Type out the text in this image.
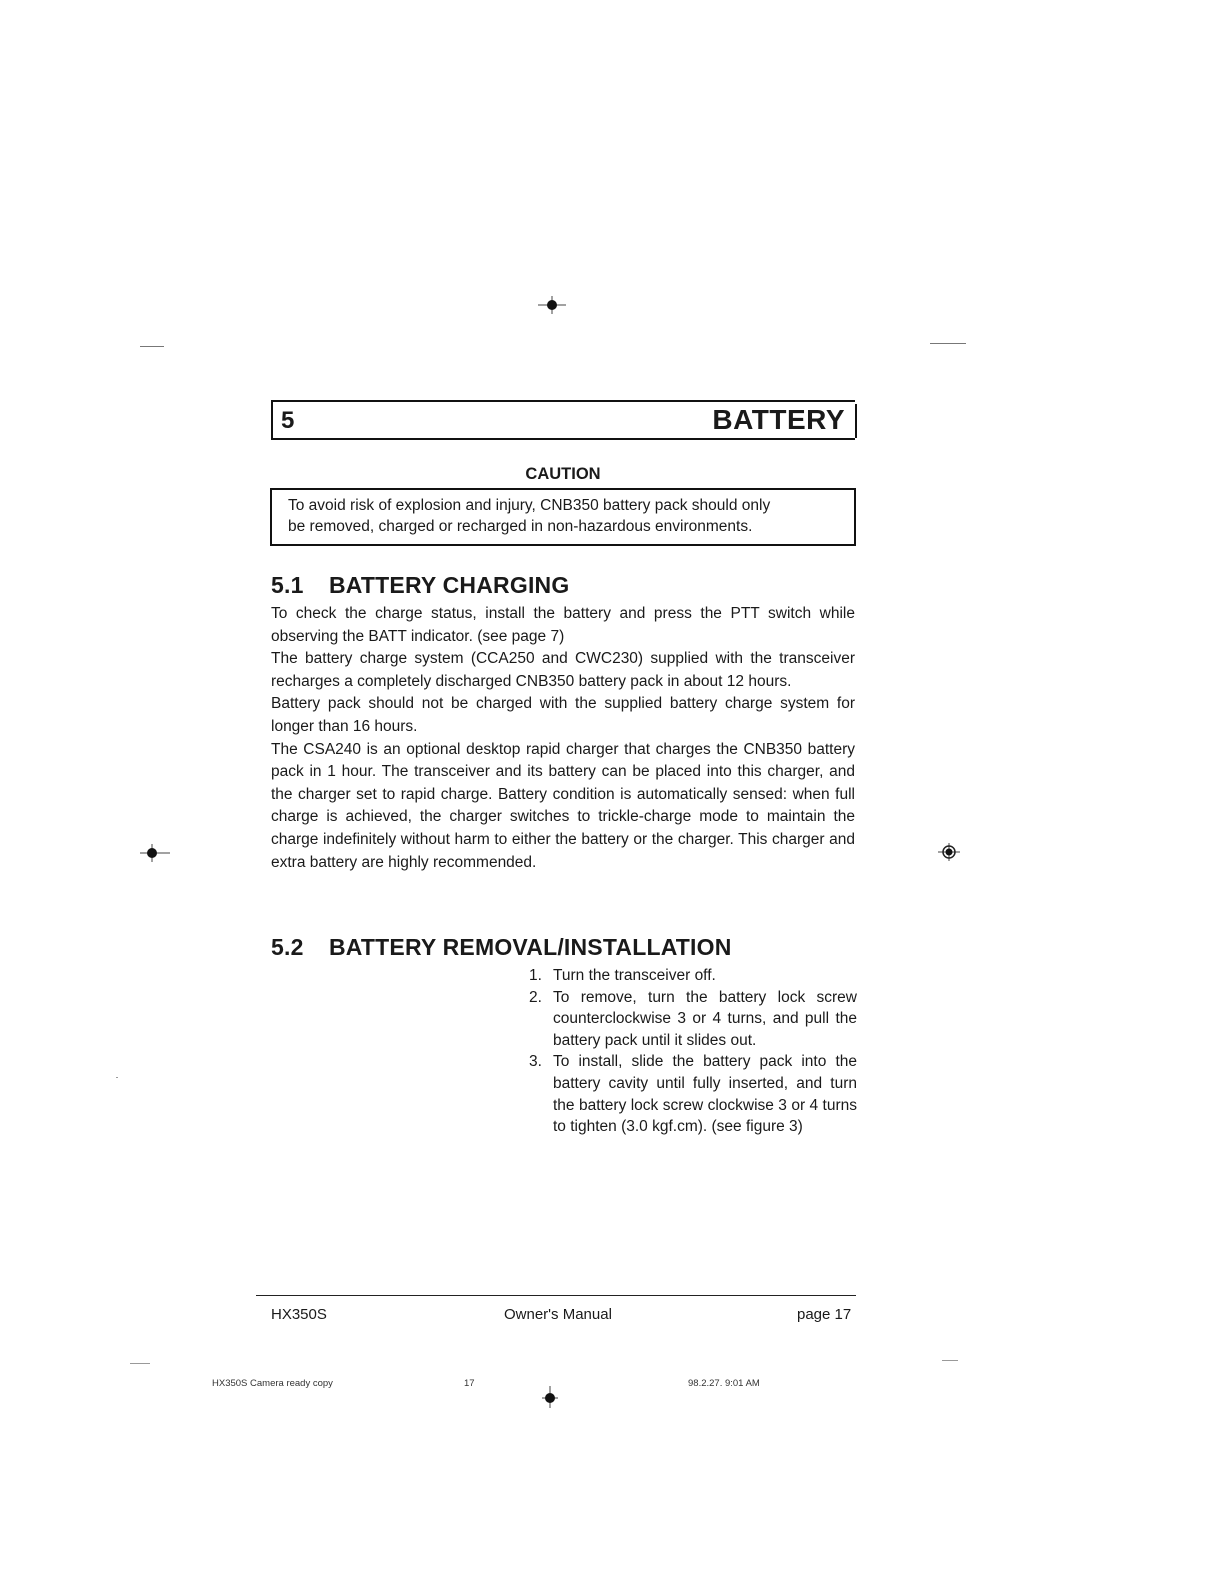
5	BATTERY
CAUTION
To avoid risk of explosion and injury, CNB350 battery pack should only
be removed, charged or recharged in non-hazardous environments.
5.1 BATTERY CHARGING

To check the charge status, install the battery and press the PTT switch while observing the BATT indicator. (see page 7)

The battery charge system (CCA250 and CWC230) supplied with the transceiver recharges a completely discharged CNB350 battery pack in about 12 hours.

Battery pack should not be charged with the supplied battery charge system for longer than 16 hours.

The CSA240 is an optional desktop rapid charger that charges the CNB350 battery pack in 1 hour. The transceiver and its battery can be placed into this charger, and the charger set to rapid charge. Battery condition is automatically sensed: when full charge is achieved, the charger switches to trickle-charge mode to maintain the charge indefinitely without harm to either the battery or the charger. This charger and extra battery are highly recommended.

5.2 BATTERY REMOVAL/INSTALLATION
1. Turn the transceiver off.
2. To remove, turn the battery lock screw counterclockwise 3 or 4 turns, and pull the battery pack until it slides out.
3. To install, slide the battery pack into the battery cavity until fully inserted, and turn the battery lock screw clockwise 3 or 4 turns to tighten (3.0 kgf.cm). (see figure 3)
HX350S	Owner's Manual	page 17
HX350S Camera ready copy	17	98.2.27. 9:01 AM
